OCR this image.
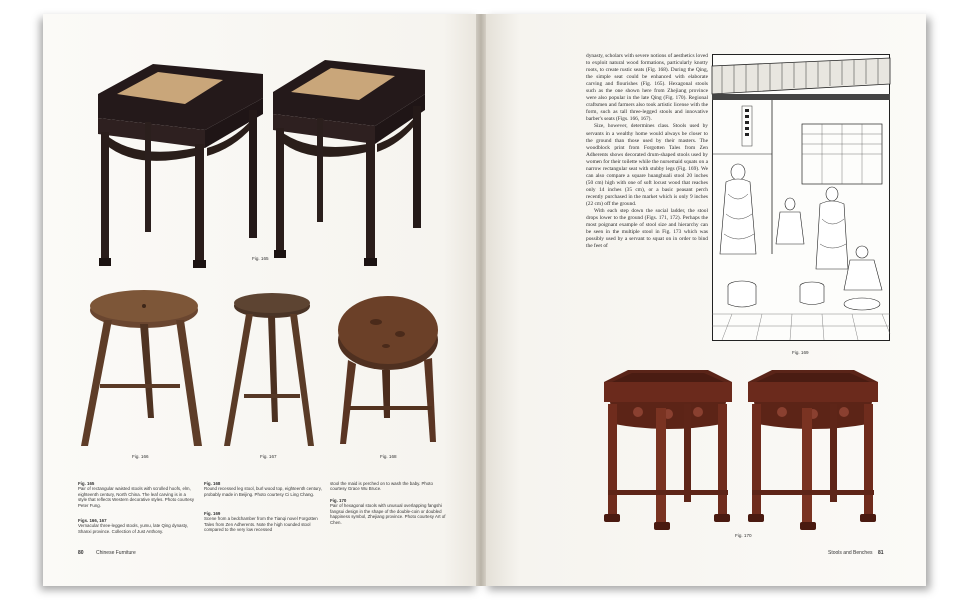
Fig. 165
Fig. 166	Fig. 167	Fig. 168
Fig. 165
Pair of rectangular waisted stools with scrolled hoofs, elm, eighteenth century, North China. The leaf carving is in a style that reflects Western decorative styles. Photo courtesy Peter Fung.
Figs. 166, 167
Vernacular three-legged stools, yumu, late Qing dynasty, Shanxi province. Collection of Just Anthony.
Fig. 168
Round recessed leg stool, burl wood top, eighteenth century, probably made in Beijing. Photo courtesy Ci Ling Chang.
Fig. 169
Scene from a bedchamber from the Tianqi novel Forgotten Tales from Zen Adherents. Note the high rounded stool compared to the very low recessed
stool the maid is perched on to wash the baby. Photo courtesy Grace Wu Bruce.
Fig. 170
Pair of hexagonal stools with unusual overlapping fangshi fangsui design in the shape of the double-coin or doubled happiness symbol, Zhejiang province. Photo courtesy Art of Chen.
80 Chinese Furniture

dynasty, scholars with severe notions of aesthetics loved to exploit natural wood formations, particularly knotty roots, to create rustic seats (Fig. 168). During the Qing, the simple seat could be enhanced with elaborate carving and flourishes (Fig. 165). Hexagonal stools such as the one shown here from Zhejiang province were also popular in the late Qing (Fig. 170). Regional craftsmen and farmers also took artistic license with the form, such as tall three-legged stools and innovative barber's seats (Figs. 166, 167).

Size, however, determines class. Stools used by servants in a wealthy home would always be closer to the ground than those used by their masters. The woodblock print from Forgotten Tales from Zen Adherents shows decorated drum-shaped stools used by women for their toilette while the nursemaid squats on a narrow rectangular seat with stubby legs (Fig. 169). We can also compare a square huanghuali stool 20 inches (50 cm) high with one of soft locust wood that reaches only 14 inches (35 cm), or a basic peasant perch recently purchased in the market which is only 9 inches (22 cm) off the ground.

With each step down the social ladder, the stool drops lower to the ground (Figs. 171, 172). Perhaps the most poignant example of stool size and hierarchy can be seen in the multiple stool in Fig. 173 which was possibly used by a servant to squat on in order to bind the feet of

Fig. 169
Fig. 170
Stools and Benches 81
